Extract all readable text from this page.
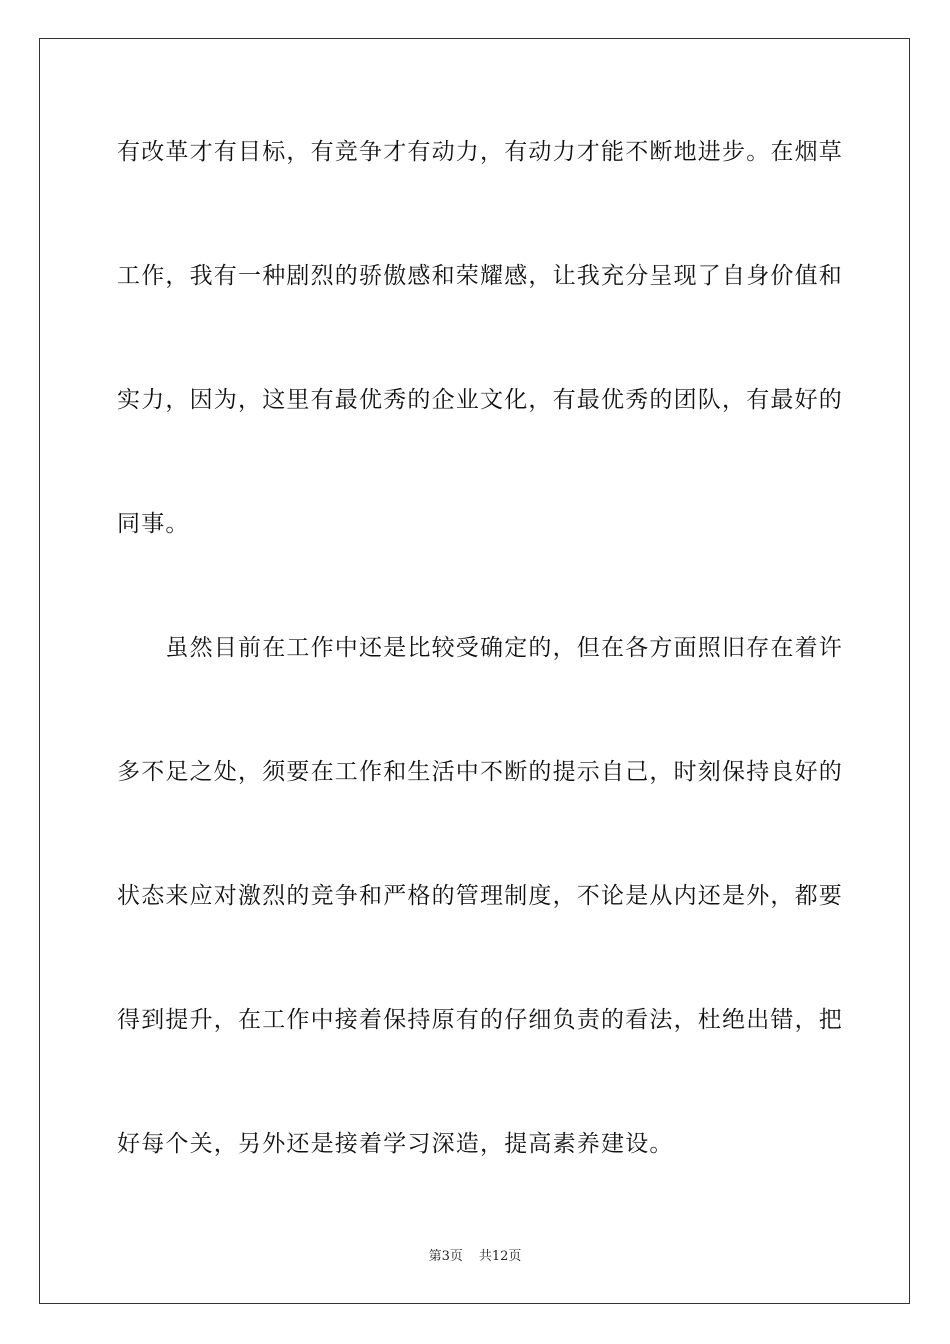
有改革才有目标，有竞争才有动力，有动力才能不断地进步。在烟草
工作，我有一种剧烈的骄傲感和荣耀感，让我充分呈现了自身价值和
实力，因为，这里有最优秀的企业文化，有最优秀的团队，有最好的
同事。
　　虽然目前在工作中还是比较受确定的，但在各方面照旧存在着许
多不足之处，须要在工作和生活中不断的提示自己，时刻保持良好的
状态来应对激烈的竞争和严格的管理制度，不论是从内还是外，都要
得到提升，在工作中接着保持原有的仔细负责的看法，杜绝出错，把
好每个关，另外还是接着学习深造，提高素养建设。
第3页 共12页
